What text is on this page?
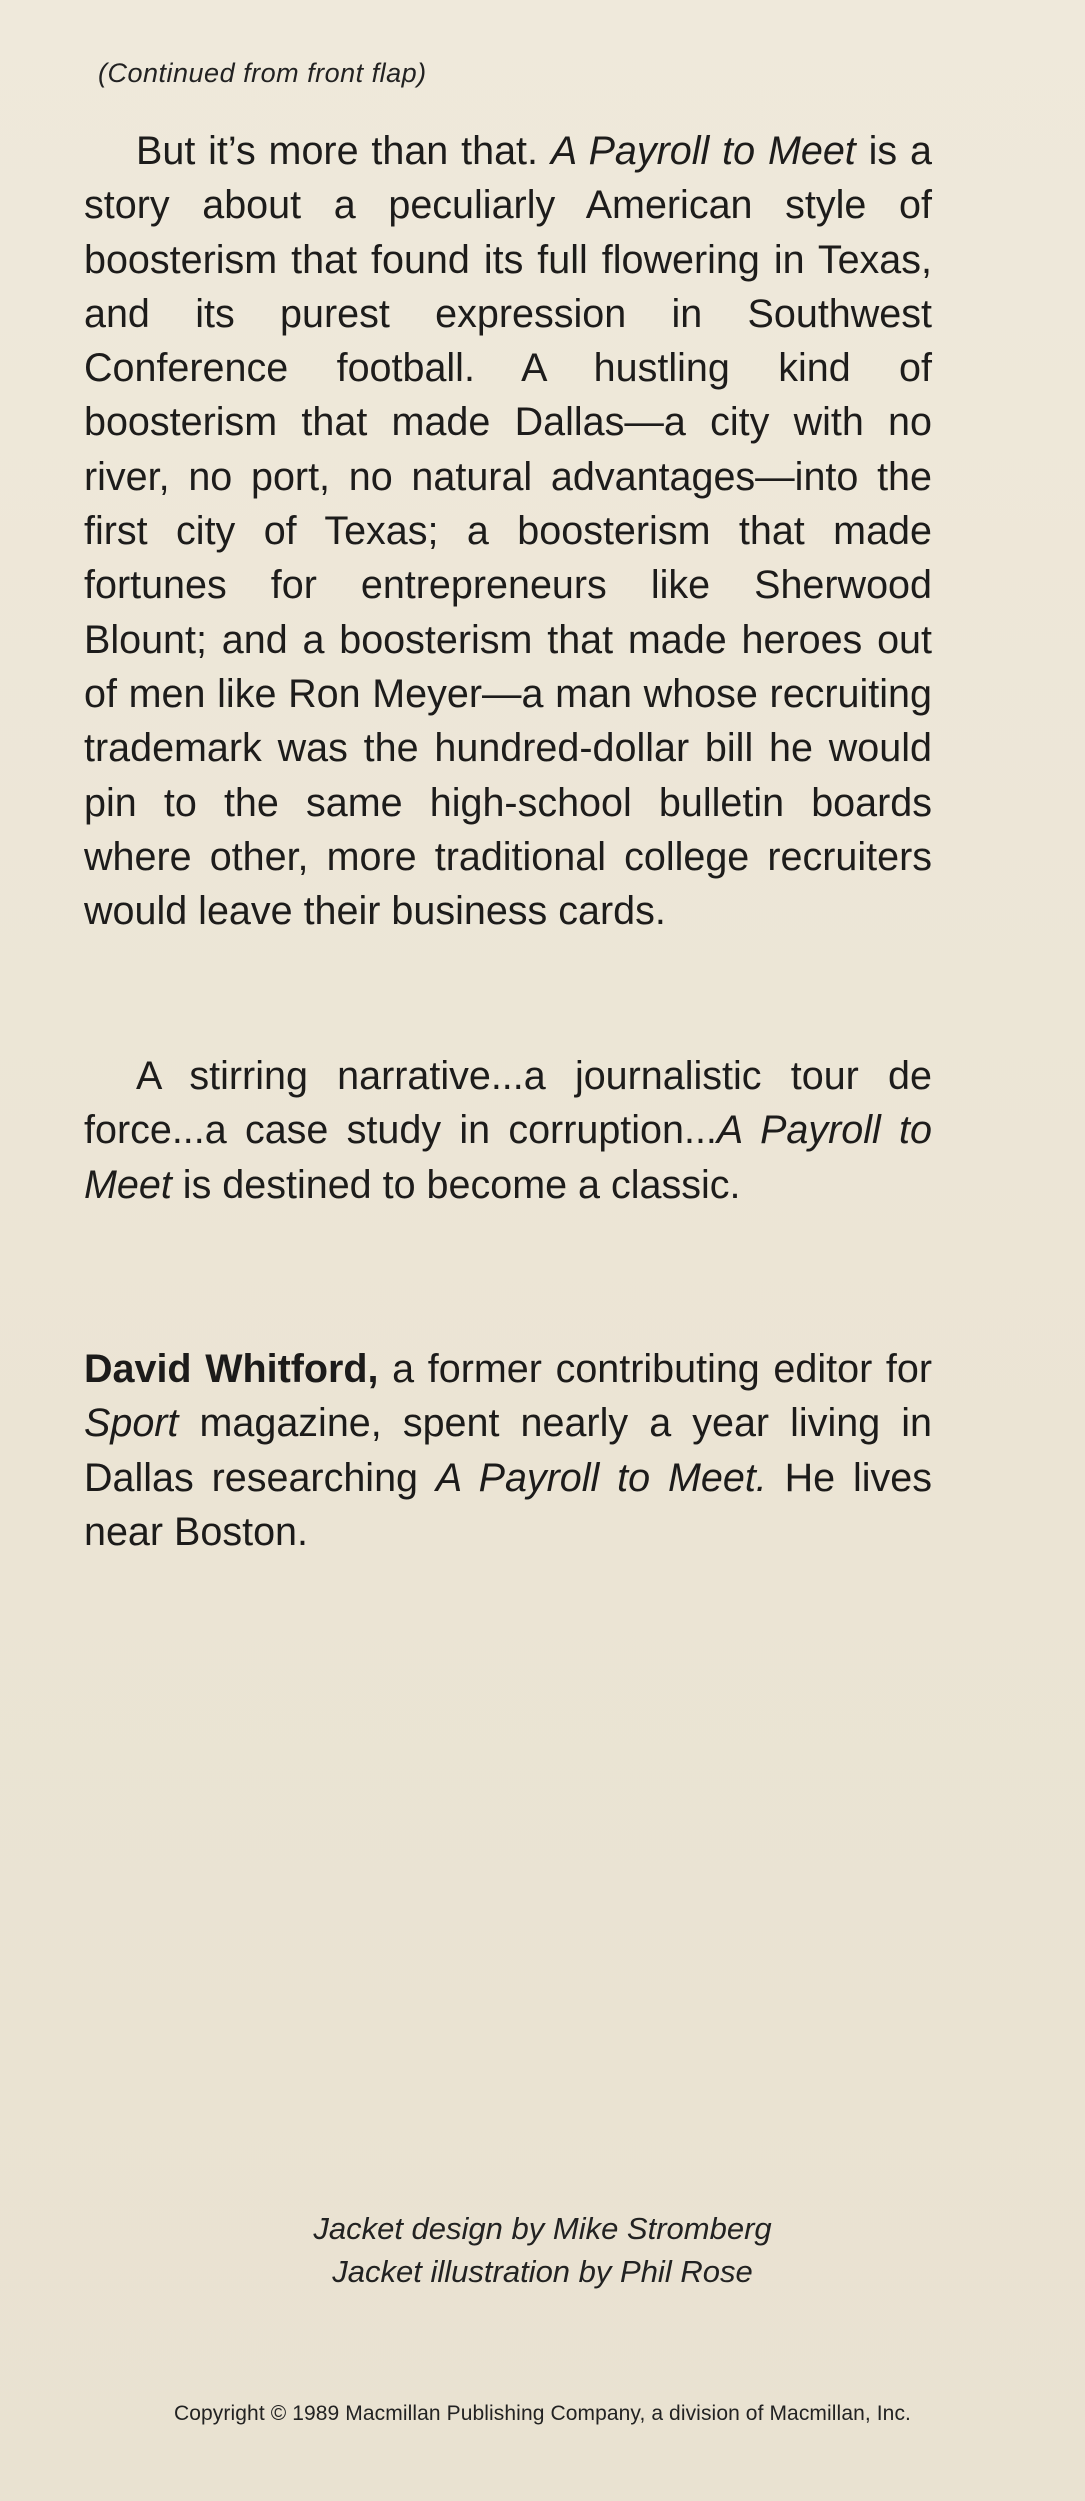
(Continued from front flap)

But it’s more than that. A Payroll to Meet is a story about a peculiarly American style of boosterism that found its full flowering in Texas, and its purest expression in Southwest Conference football. A hustling kind of boosterism that made Dallas—a city with no river, no port, no natural advantages—into the first city of Texas; a boosterism that made fortunes for entrepreneurs like Sherwood Blount; and a boosterism that made heroes out of men like Ron Meyer—a man whose recruiting trademark was the hundred-dollar bill he would pin to the same high-school bulletin boards where other, more traditional college recruiters would leave their business cards.

A stirring narrative...a journalistic tour de force...a case study in corruption...A Payroll to Meet is destined to become a classic.

David Whitford, a former contributing editor for Sport magazine, spent nearly a year living in Dallas researching A Payroll to Meet. He lives near Boston.
Jacket design by Mike Stromberg
Jacket illustration by Phil Rose
Copyright © 1989 Macmillan Publishing Company, a division of Macmillan, Inc.
